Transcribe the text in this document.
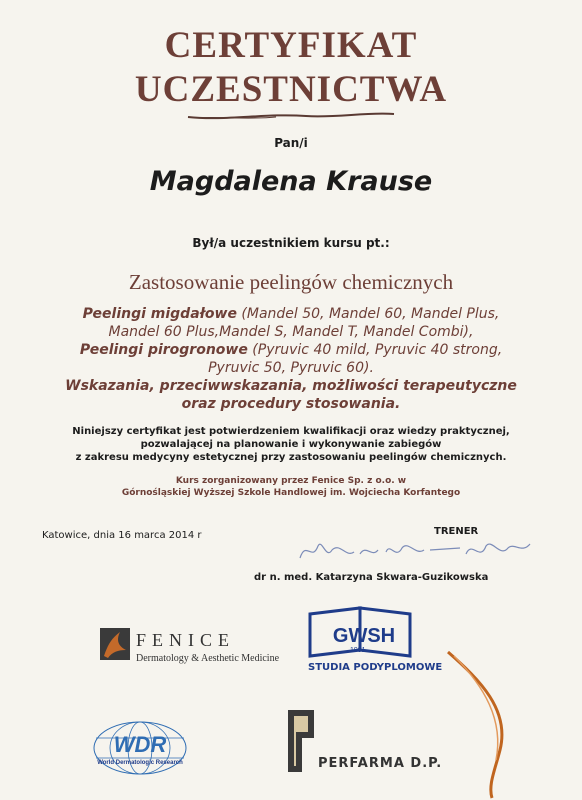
CERTYFIKAT
UCZESTNICTWA
Pan/i
Magdalena Krause
Był/a uczestnikiem kursu pt.:
Zastosowanie peelingów chemicznych
Peelingi migdałowe (Mandel 50, Mandel 60, Mandel Plus,
Mandel 60 Plus,Mandel S, Mandel T, Mandel Combi),
Peelingi pirogronowe (Pyruvic 40 mild, Pyruvic 40 strong,
Pyruvic 50, Pyruvic 60).
Wskazania, przeciwwskazania, możliwości terapeutyczne
oraz procedury stosowania.
Niniejszy certyfikat jest potwierdzeniem kwalifikacji oraz wiedzy praktycznej,
pozwalającej na planowanie i wykonywanie zabiegów
z zakresu medycyny estetycznej przy zastosowaniu peelingów chemicznych.
Kurs zorganizowany przez Fenice Sp. z o.o. w
Górnośląskiej Wyższej Szkole Handlowej im. Wojciecha Korfantego
Katowice, dnia 16 marca 2014 r	TRENER
dr n. med. Katarzyna Skwara-Guzikowska
FENICE
Dermatology & Aesthetic Medicine
GWSH
1991
STUDIA PODYPLOMOWE
WDR
World Dermatologic Research	PERFARMA D.P.
